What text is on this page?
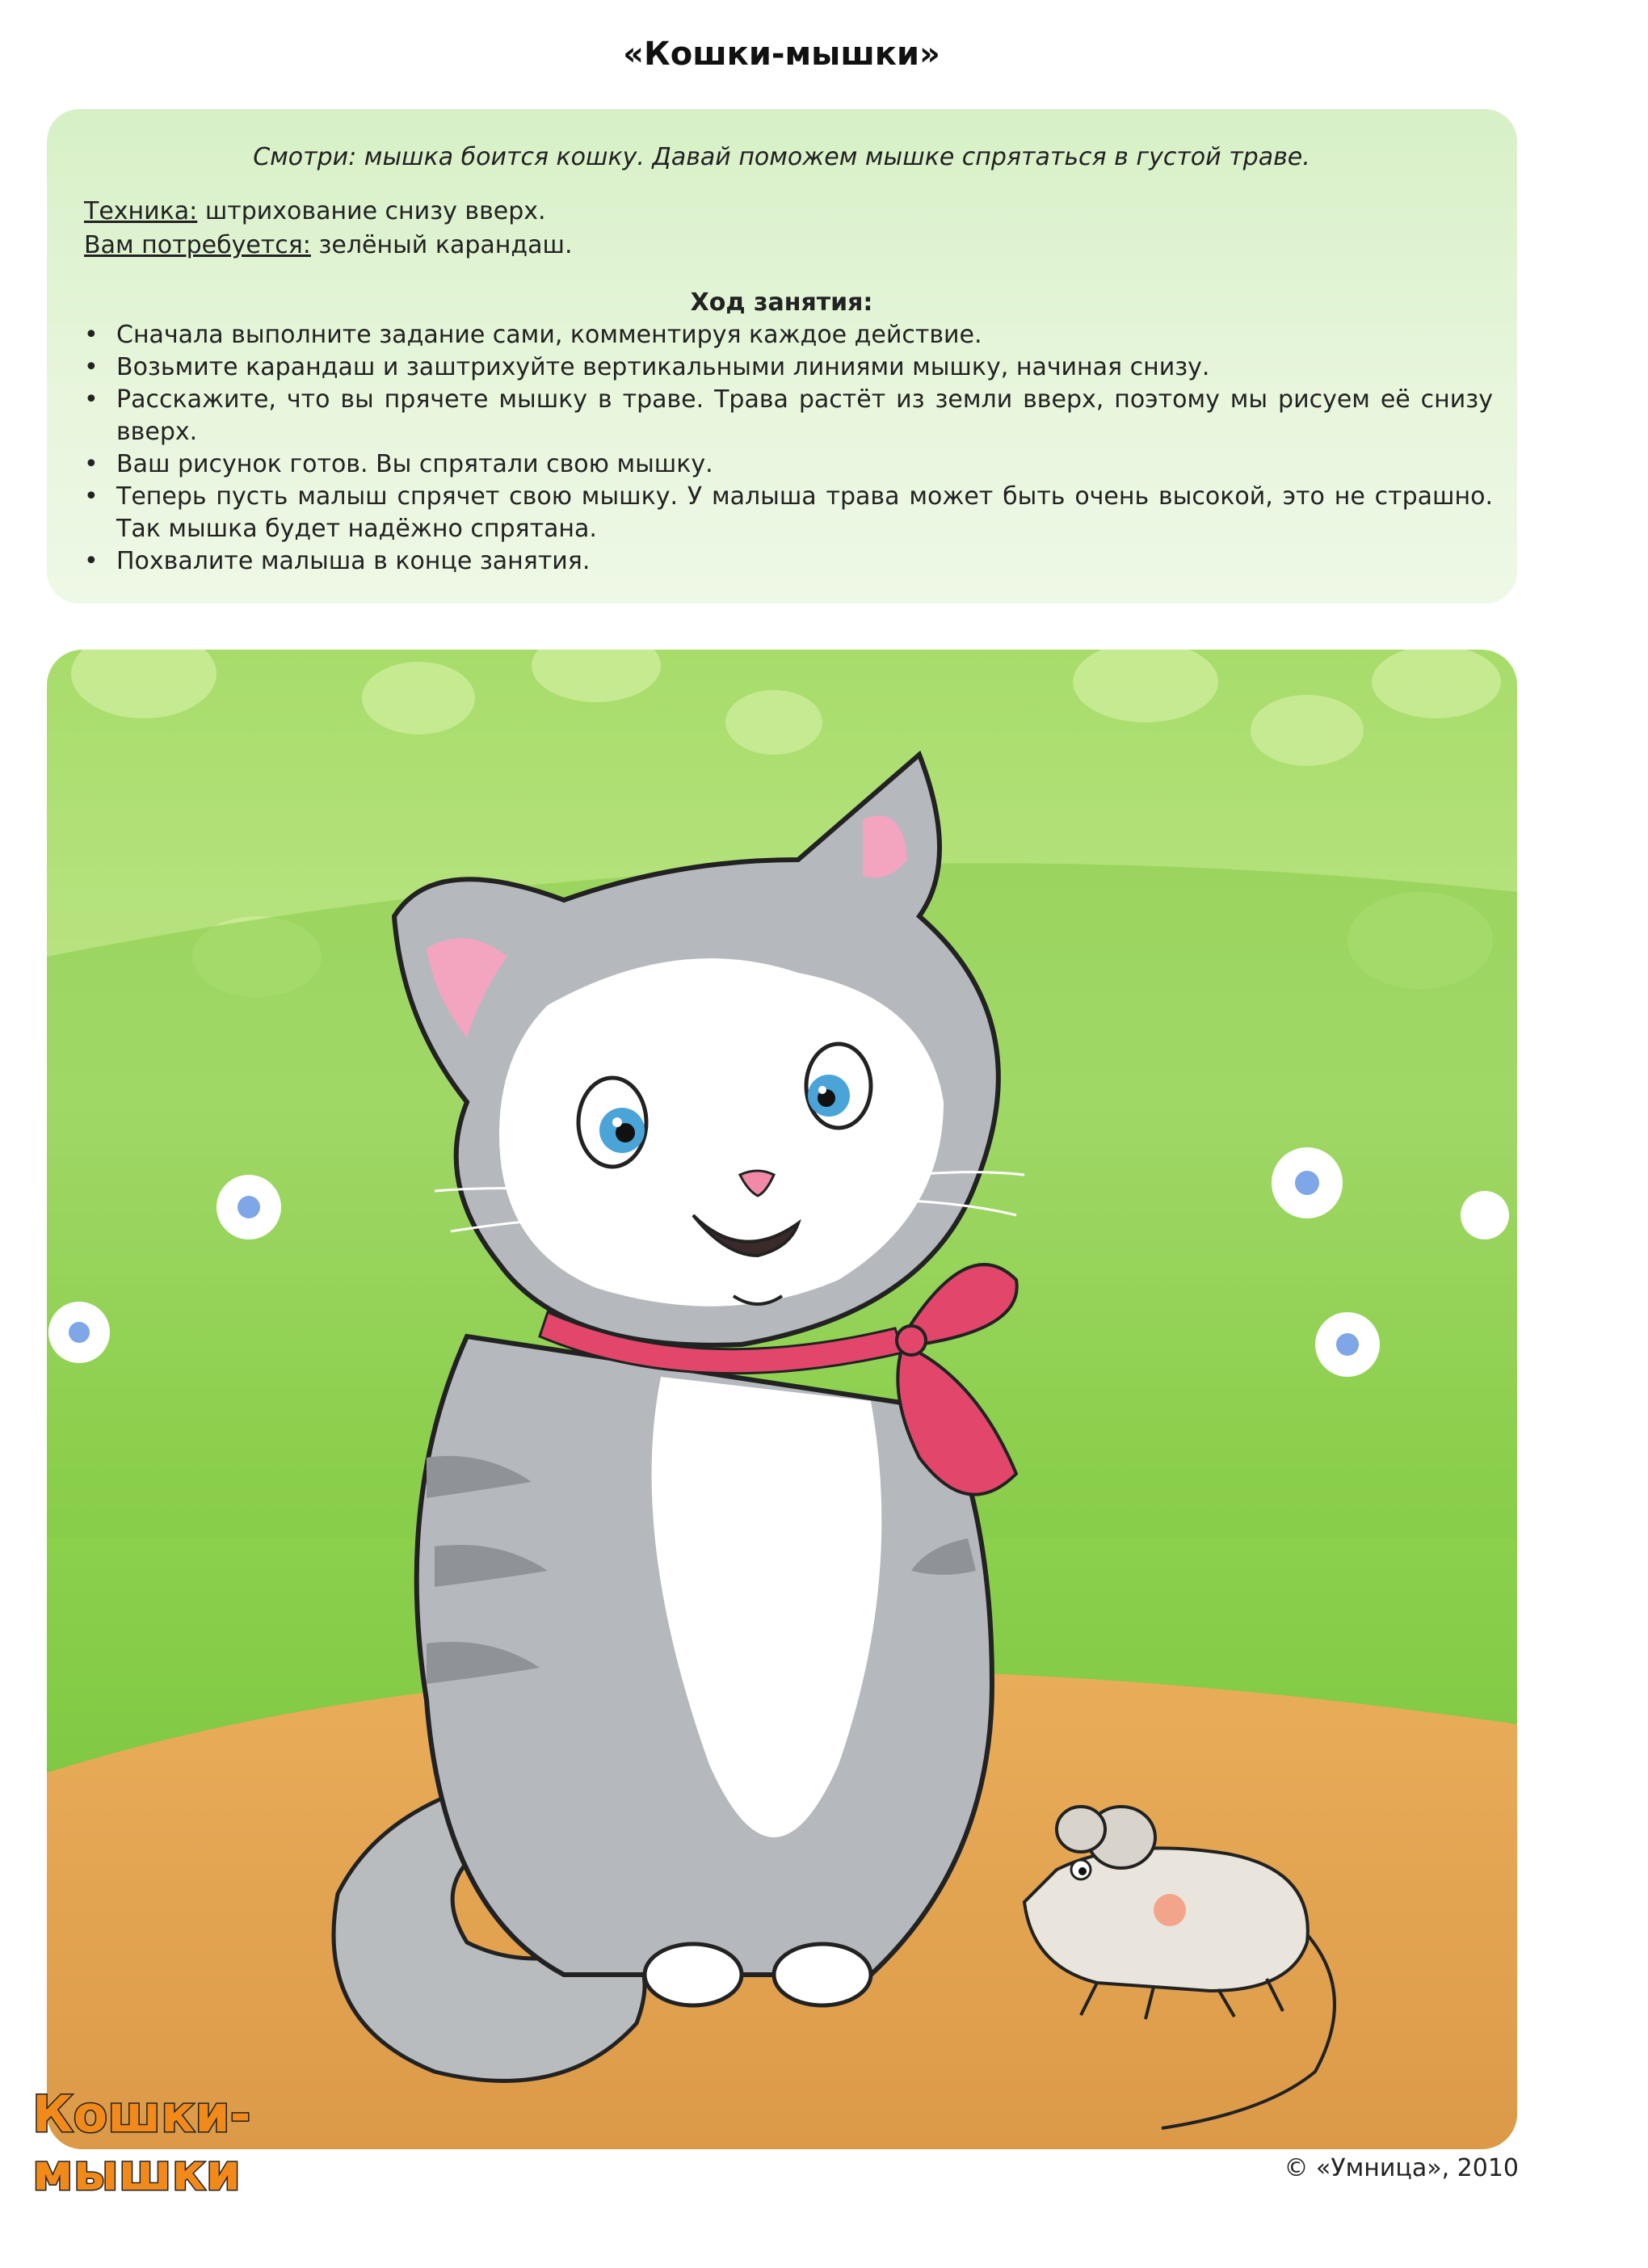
«Кошки-мышки»
Смотри: мышка боится кошку. Давай поможем мышке спрятаться в густой траве.
Техника: штрихование снизу вверх.
Вам потребуется: зелёный карандаш.
Ход занятия:
• Сначала выполните задание сами, комментируя каждое действие.
• Возьмите карандаш и заштрихуйте вертикальными линиями мышку, начиная снизу.
• Расскажите, что вы прячете мышку в траве. Трава растёт из земли вверх, поэтому мы рисуем её снизу вверх.
• Ваш рисунок готов. Вы спрятали свою мышку.
• Теперь пусть малыш спрячет свою мышку. У малыша трава может быть очень высокой, это не страшно. Так мышка будет надёжно спрятана.
• Похвалите малыша в конце занятия.
Кошки-
мышки	© «Умница», 2010
